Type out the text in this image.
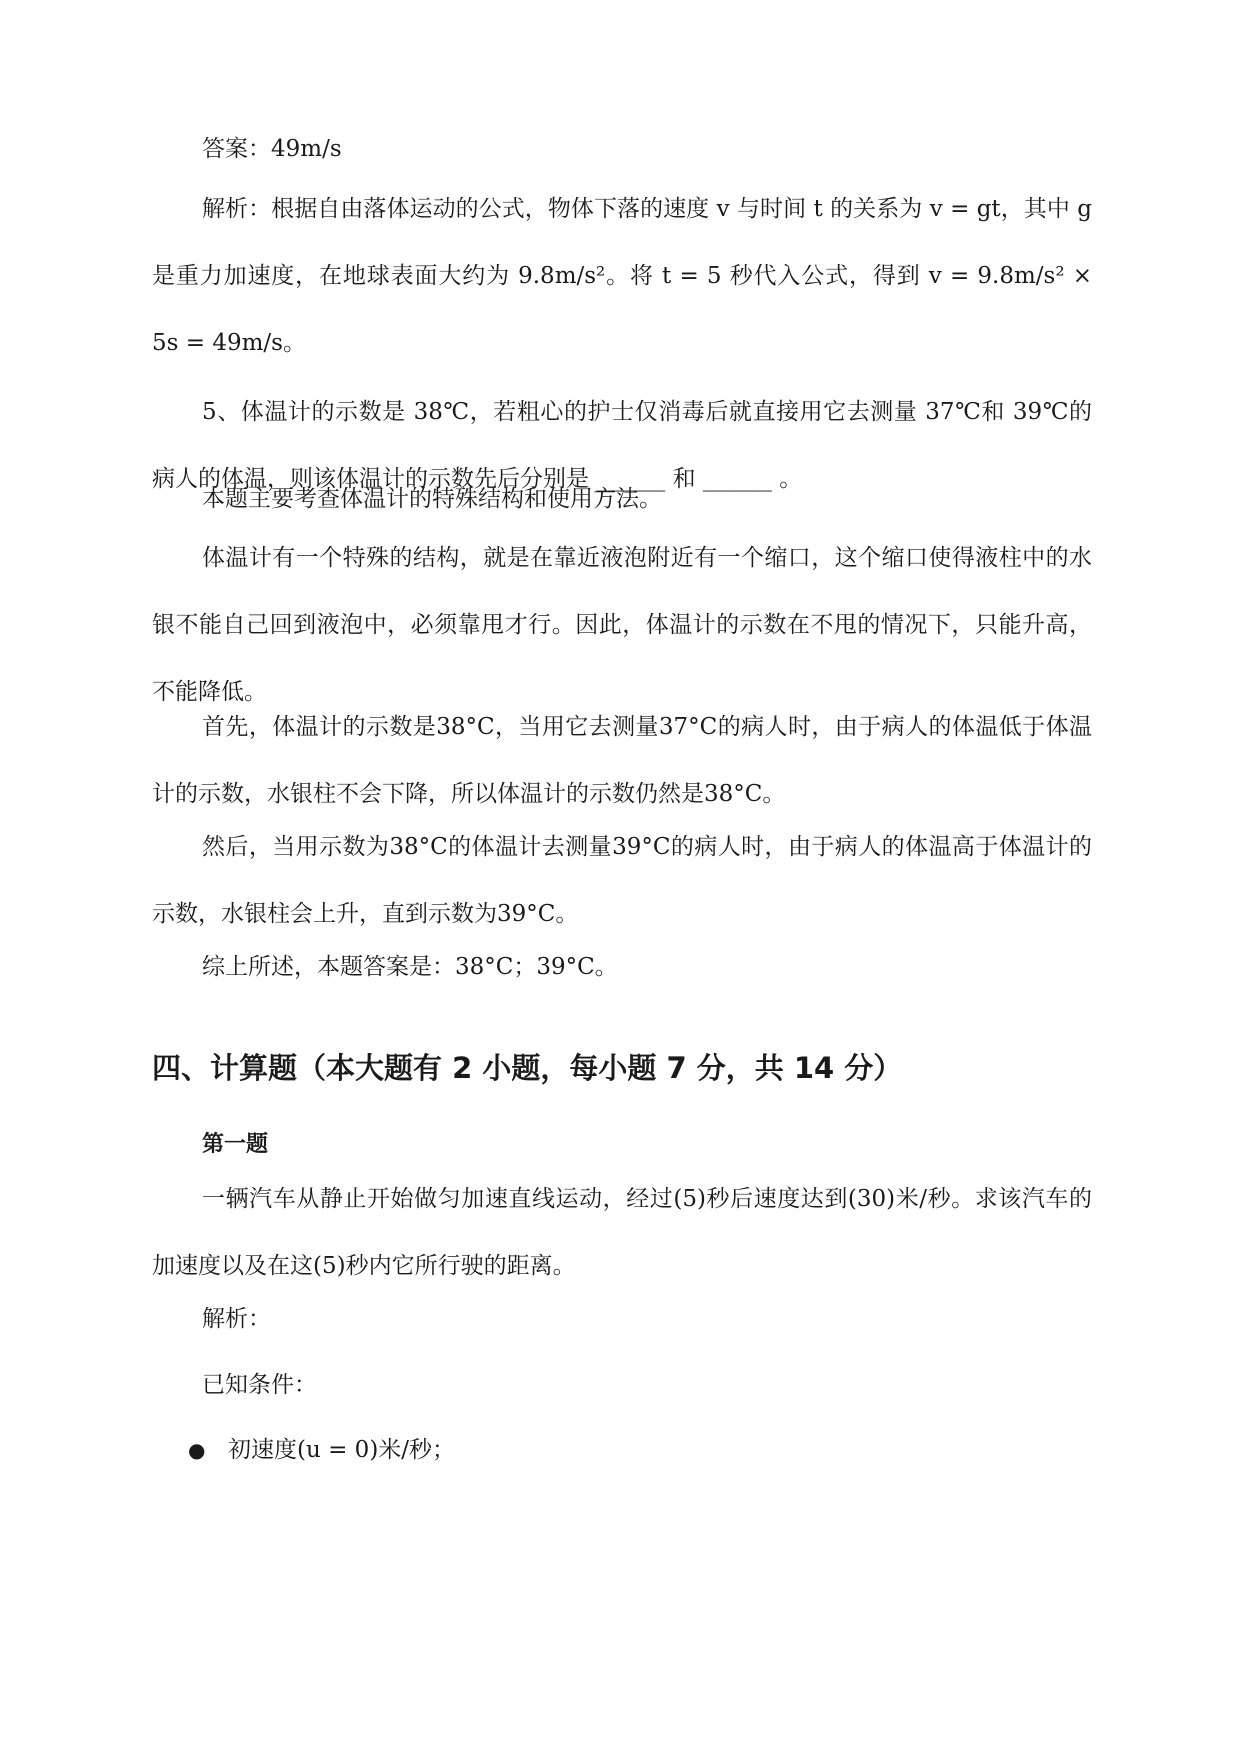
答案：49m/s

解析：根据自由落体运动的公式，物体下落的速度 v 与时间 t 的关系为 v = gt，其中 g 是重力加速度，在地球表面大约为 9.8m/s²。将 t = 5 秒代入公式，得到 v = 9.8m/s² × 5s = 49m/s。

5、体温计的示数是 38℃，若粗心的护士仅消毒后就直接用它去测量 37℃和 39℃的病人的体温，则该体温计的示数先后分别是 ______ 和 ______ 。

本题主要考查体温计的特殊结构和使用方法。

体温计有一个特殊的结构，就是在靠近液泡附近有一个缩口，这个缩口使得液柱中的水银不能自己回到液泡中，必须靠甩才行。因此，体温计的示数在不甩的情况下，只能升高，不能降低。

首先，体温计的示数是38°C，当用它去测量37°C的病人时，由于病人的体温低于体温计的示数，水银柱不会下降，所以体温计的示数仍然是38°C。

然后，当用示数为38°C的体温计去测量39°C的病人时，由于病人的体温高于体温计的示数，水银柱会上升，直到示数为39°C。

综上所述，本题答案是：38°C；39°C。

四、计算题（本大题有 2 小题，每小题 7 分，共 14 分）
第一题

一辆汽车从静止开始做匀加速直线运动，经过(5)秒后速度达到(30)米/秒。求该汽车的加速度以及在这(5)秒内它所行驶的距离。

解析：

已知条件：

● 初速度(u = 0)米/秒；
